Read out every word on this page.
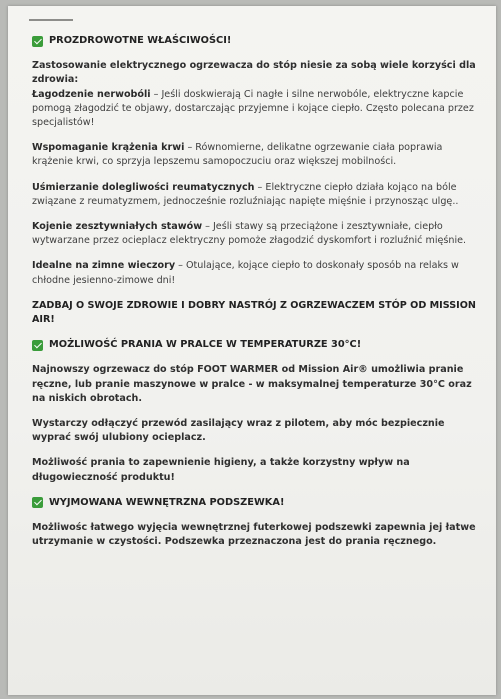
PROZDROWOTNE WŁAŚCIWOŚCI!

Zastosowanie elektrycznego ogrzewacza do stóp niesie za sobą wiele korzyści dla zdrowia:

Łagodzenie nerwobóli – Jeśli doskwierają Ci nagłe i silne nerwobóle, elektryczne kapcie pomogą złagodzić te objawy, dostarczając przyjemne i kojące ciepło. Często polecana przez specjalistów!

Wspomaganie krążenia krwi – Równomierne, delikatne ogrzewanie ciała poprawia krążenie krwi, co sprzyja lepszemu samopoczuciu oraz większej mobilności.

Uśmierzanie dolegliwości reumatycznych – Elektryczne ciepło działa kojąco na bóle związane z reumatyzmem, jednocześnie rozluźniając napięte mięśnie i przynosząc ulgę..

Kojenie zesztywniałych stawów – Jeśli stawy są przeciążone i zesztywniałe, ciepło wytwarzane przez ocieplacz elektryczny pomoże złagodzić dyskomfort i rozluźnić mięśnie.

Idealne na zimne wieczory – Otulające, kojące ciepło to doskonały sposób na relaks w chłodne jesienno-zimowe dni!

ZADBAJ O SWOJE ZDROWIE I DOBRY NASTRÓJ Z OGRZEWACZEM STÓP OD MISSION AIR!
MOŻLIWOŚĆ PRANIA W PRALCE W TEMPERATURZE 30°C!

Najnowszy ogrzewacz do stóp FOOT WARMER od Mission Air® umożliwia pranie ręczne, lub pranie maszynowe w pralce - w maksymalnej temperaturze 30°C oraz na niskich obrotach.

Wystarczy odłączyć przewód zasilający wraz z pilotem, aby móc bezpiecznie wyprać swój ulubiony ocieplacz.

Możliwość prania to zapewnienie higieny, a także korzystny wpływ na długowieczność produktu!

WYJMOWANA WEWNĘTRZNA PODSZEWKA!

Możliwośc łatwego wyjęcia wewnętrznej futerkowej podszewki zapewnia jej łatwe utrzymanie w czystości. Podszewka przeznaczona jest do prania ręcznego.
